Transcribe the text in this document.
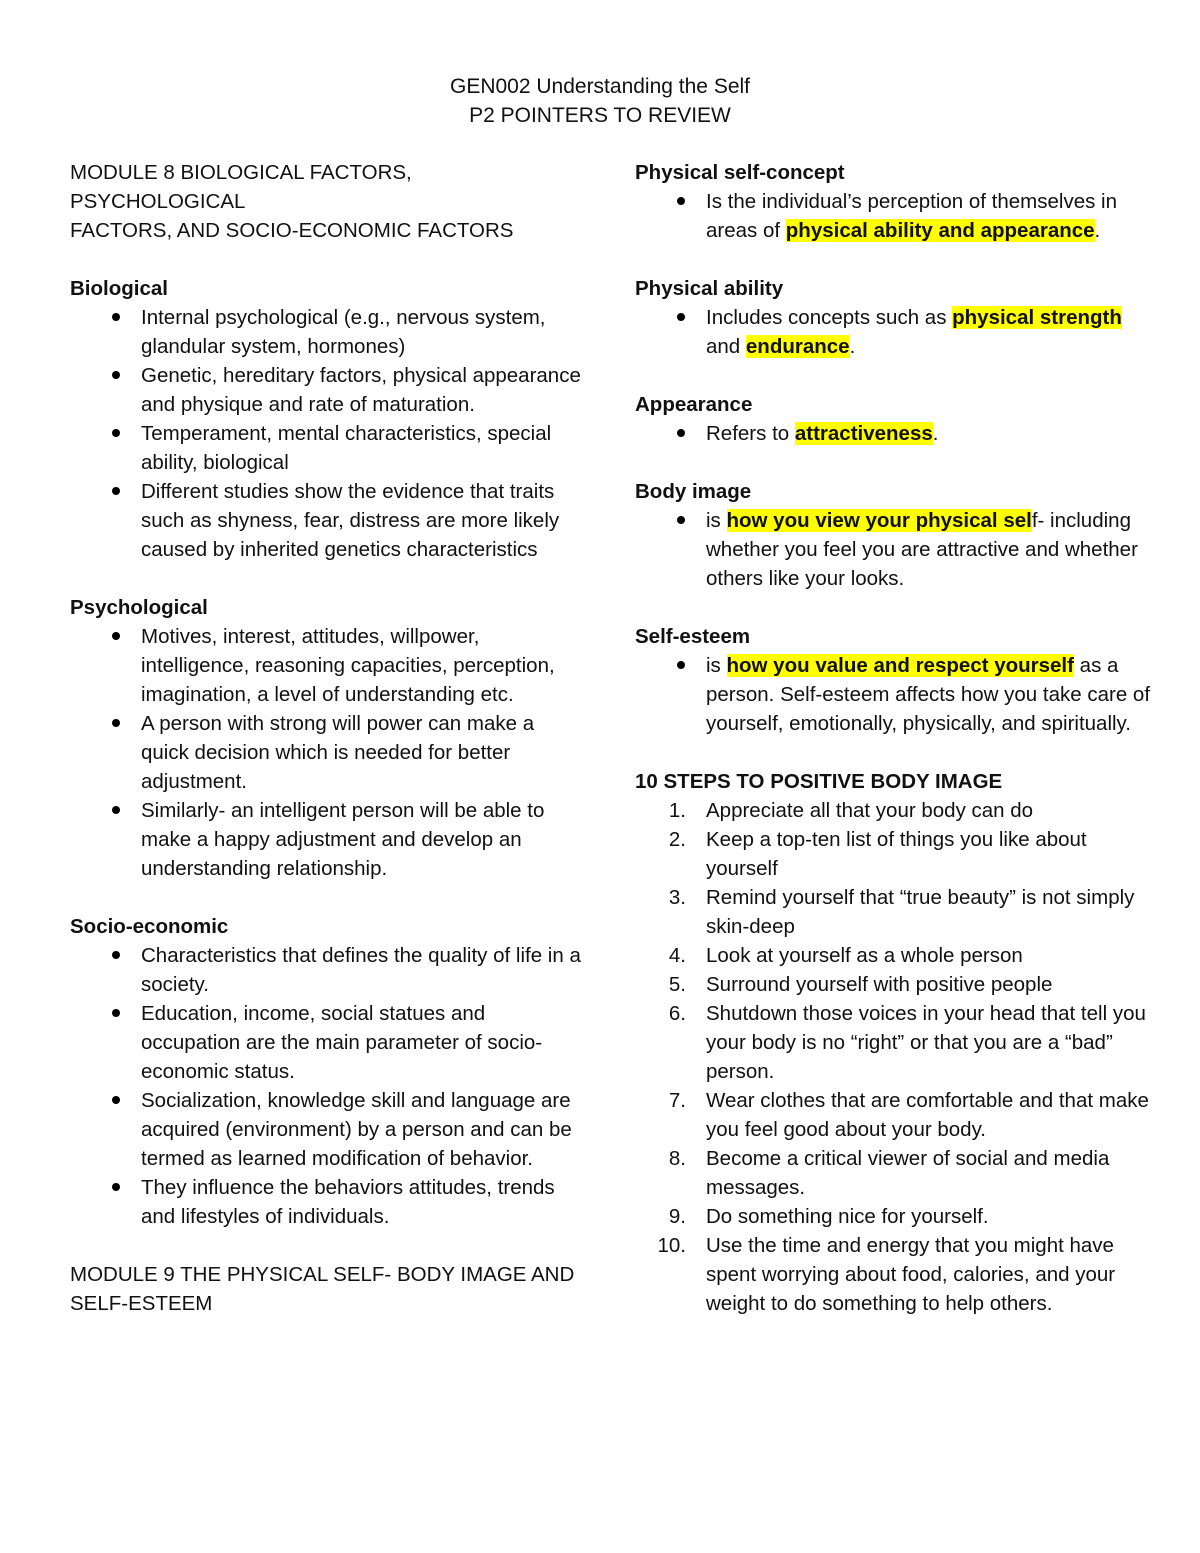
GEN002 Understanding the Self
P2 POINTERS TO REVIEW
MODULE 8 BIOLOGICAL FACTORS, PSYCHOLOGICAL
FACTORS, AND SOCIO-ECONOMIC FACTORS
Biological
Internal psychological (e.g., nervous system, glandular system, hormones)
Genetic, hereditary factors, physical appearance and physique and rate of maturation.
Temperament, mental characteristics, special ability, biological
Different studies show the evidence that traits such as shyness, fear, distress are more likely caused by inherited genetics characteristics
Psychological
Motives, interest, attitudes, willpower, intelligence, reasoning capacities, perception, imagination, a level of understanding etc.
A person with strong will power can make a quick decision which is needed for better adjustment.
Similarly- an intelligent person will be able to make a happy adjustment and develop an understanding relationship.
Socio-economic
Characteristics that defines the quality of life in a society.
Education, income, social statues and occupation are the main parameter of socio-economic status.
Socialization, knowledge skill and language are acquired (environment) by a person and can be termed as learned modification of behavior.
They influence the behaviors attitudes, trends and lifestyles of individuals.
MODULE 9 THE PHYSICAL SELF- BODY IMAGE AND
SELF-ESTEEM
Physical self-concept
Is the individual’s perception of themselves in areas of physical ability and appearance.
Physical ability
Includes concepts such as physical strength and endurance.
Appearance
Refers to attractiveness.
Body image
is how you view your physical self- including whether you feel you are attractive and whether others like your looks.
Self-esteem
is how you value and respect yourself as a person. Self-esteem affects how you take care of yourself, emotionally, physically, and spiritually.
10 STEPS TO POSITIVE BODY IMAGE
1. Appreciate all that your body can do
2. Keep a top-ten list of things you like about yourself
3. Remind yourself that “true beauty” is not simply skin-deep
4. Look at yourself as a whole person
5. Surround yourself with positive people
6. Shutdown those voices in your head that tell you your body is no “right” or that you are a “bad” person.
7. Wear clothes that are comfortable and that make you feel good about your body.
8. Become a critical viewer of social and media messages.
9. Do something nice for yourself.
10. Use the time and energy that you might have spent worrying about food, calories, and your weight to do something to help others.
